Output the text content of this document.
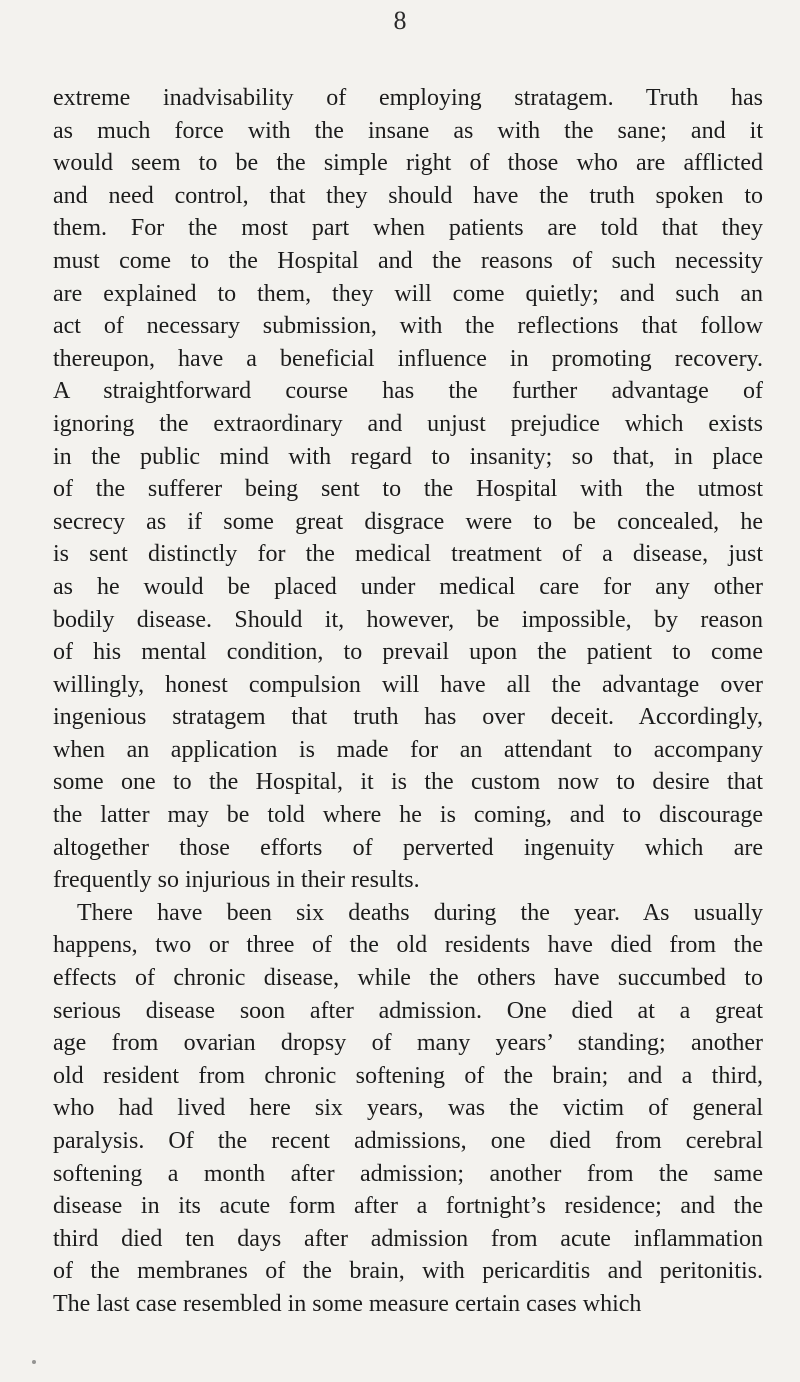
8
extreme inadvisability of employing stratagem. Truth has
as much force with the insane as with the sane; and it
would seem to be the simple right of those who are afflicted
and need control, that they should have the truth spoken to
them. For the most part when patients are told that they
must come to the Hospital and the reasons of such necessity
are explained to them, they will come quietly; and such an
act of necessary submission, with the reflections that follow
thereupon, have a beneficial influence in promoting recovery.
A straightforward course has the further advantage of
ignoring the extraordinary and unjust prejudice which exists
in the public mind with regard to insanity; so that, in place
of the sufferer being sent to the Hospital with the utmost
secrecy as if some great disgrace were to be concealed, he
is sent distinctly for the medical treatment of a disease, just
as he would be placed under medical care for any other
bodily disease. Should it, however, be impossible, by reason
of his mental condition, to prevail upon the patient to come
willingly, honest compulsion will have all the advantage over
ingenious stratagem that truth has over deceit. Accordingly,
when an application is made for an attendant to accompany
some one to the Hospital, it is the custom now to desire that
the latter may be told where he is coming, and to discourage
altogether those efforts of perverted ingenuity which are
frequently so injurious in their results.
There have been six deaths during the year. As usually
happens, two or three of the old residents have died from the
effects of chronic disease, while the others have succumbed to
serious disease soon after admission. One died at a great
age from ovarian dropsy of many years’ standing; another
old resident from chronic softening of the brain; and a third,
who had lived here six years, was the victim of general
paralysis. Of the recent admissions, one died from cerebral
softening a month after admission; another from the same
disease in its acute form after a fortnight’s residence; and the
third died ten days after admission from acute inflammation
of the membranes of the brain, with pericarditis and peritonitis.
The last case resembled in some measure certain cases which
